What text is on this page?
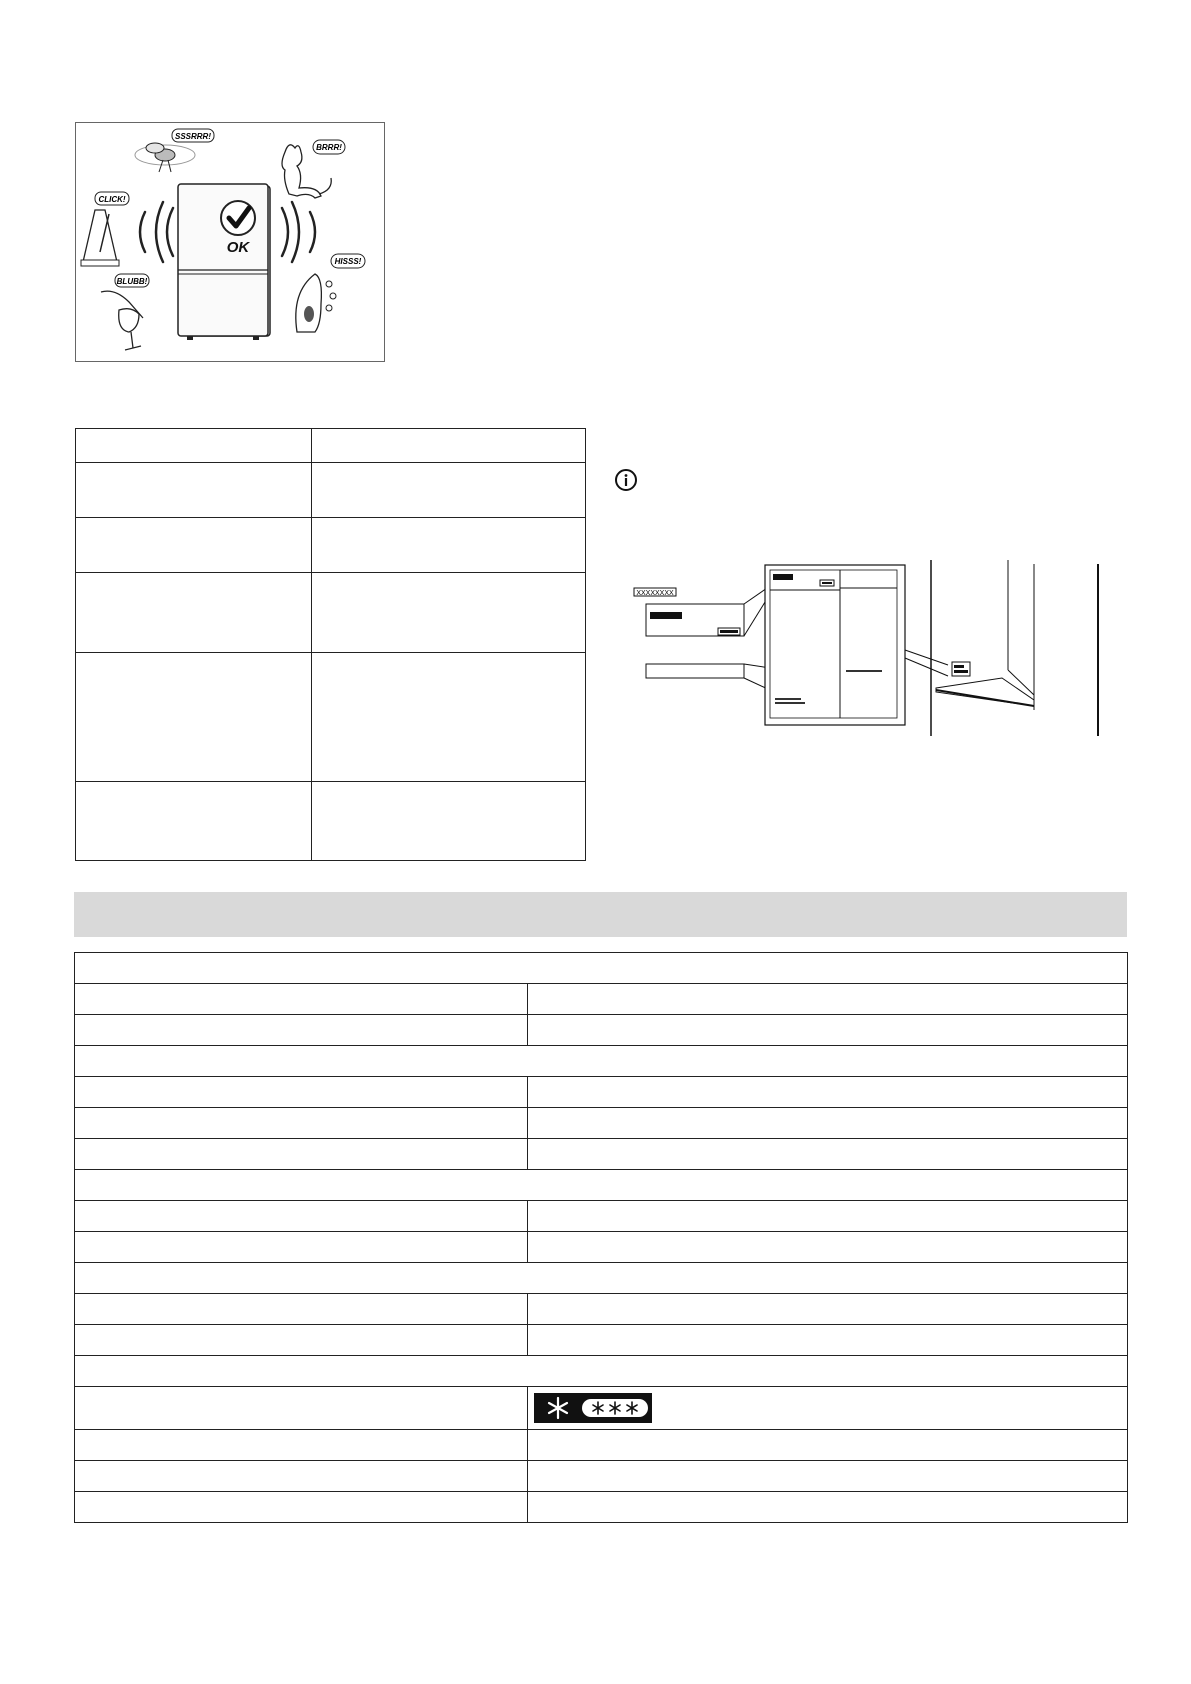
OK
SSSRRR!
BRRR!
CLICK!
HISSS!
BLUBB!

XXXXXXXX
